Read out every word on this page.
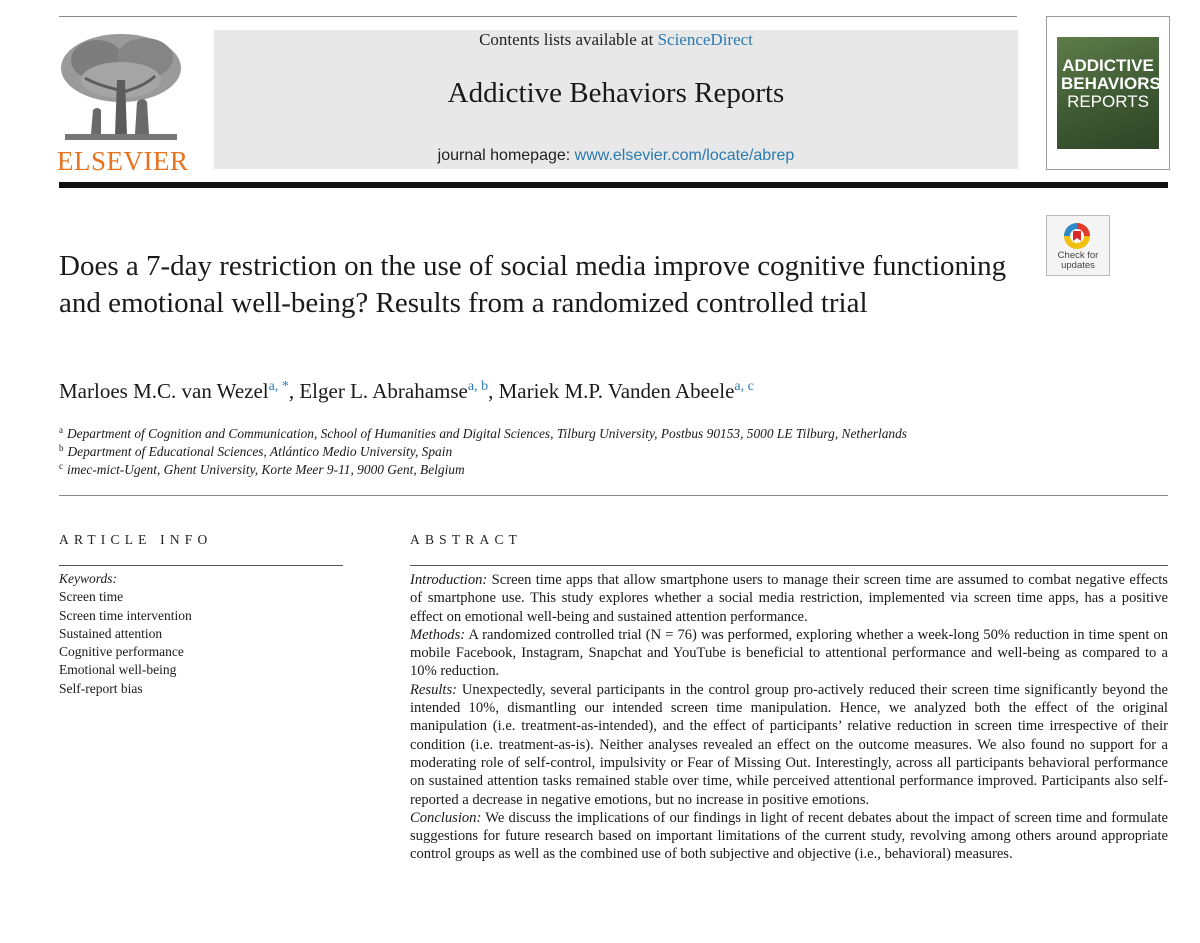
ELSEVIER
Contents lists available at ScienceDirect
Addictive Behaviors Reports
journal homepage: www.elsevier.com/locate/abrep
ADDICTIVE
BEHAVIORS
REPORTS
Check for
updates
Does a 7-day restriction on the use of social media improve cognitive functioning and emotional well-being? Results from a randomized controlled trial
Marloes M.C. van Wezel$^{a, *}$, Elger L. Abrahamse$^{a, b}$, Mariek M.P. Vanden Abeele$^{a, c}$
$^a$ Department of Cognition and Communication, School of Humanities and Digital Sciences, Tilburg University, Postbus 90153, 5000 LE Tilburg, Netherlands
$^b$ Department of Educational Sciences, Atlántico Medio University, Spain
$^c$ imec-mict-Ugent, Ghent University, Korte Meer 9-11, 9000 Gent, Belgium
ARTICLE INFO
Keywords:
Screen time
Screen time intervention
Sustained attention
Cognitive performance
Emotional well-being
Self-report bias
ABSTRACT

Introduction: Screen time apps that allow smartphone users to manage their screen time are assumed to combat negative effects of smartphone use. This study explores whether a social media restriction, implemented via screen time apps, has a positive effect on emotional well-being and sustained attention performance.

Methods: A randomized controlled trial (N = 76) was performed, exploring whether a week-long 50% reduction in time spent on mobile Facebook, Instagram, Snapchat and YouTube is beneficial to attentional performance and well-being as compared to a 10% reduction.

Results: Unexpectedly, several participants in the control group pro-actively reduced their screen time significantly beyond the intended 10%, dismantling our intended screen time manipulation. Hence, we analyzed both the effect of the original manipulation (i.e. treatment-as-intended), and the effect of participants’ relative reduction in screen time irrespective of their condition (i.e. treatment-as-is). Neither analyses revealed an effect on the outcome measures. We also found no support for a moderating role of self-control, impulsivity or Fear of Missing Out. Interestingly, across all participants behavioral performance on sustained attention tasks remained stable over time, while perceived attentional performance improved. Participants also self-reported a decrease in negative emotions, but no increase in positive emotions.

Conclusion: We discuss the implications of our findings in light of recent debates about the impact of screen time and formulate suggestions for future research based on important limitations of the current study, revolving among others around appropriate control groups as well as the combined use of both subjective and objective (i.e., behavioral) measures.
